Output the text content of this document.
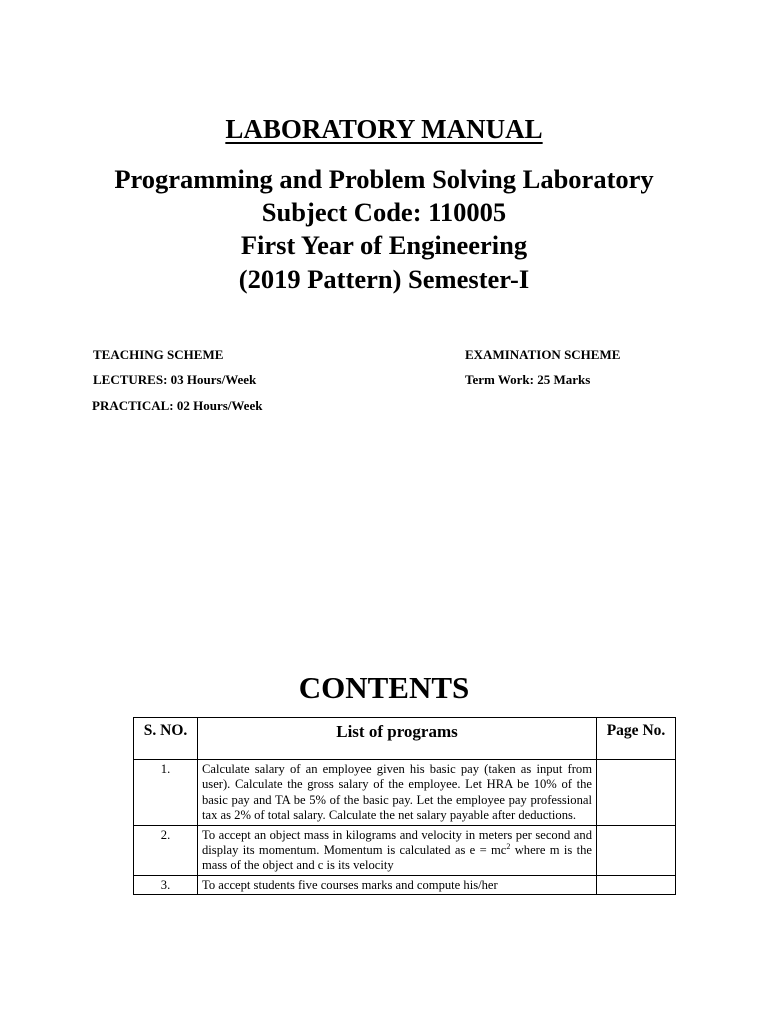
LABORATORY MANUAL
Programming and Problem Solving Laboratory
Subject Code: 110005
First Year of Engineering
(2019 Pattern) Semester-I
TEACHING SCHEME
LECTURES: 03 Hours/Week
PRACTICAL: 02 Hours/Week
EXAMINATION SCHEME
Term Work: 25 Marks
CONTENTS
S. NO.	List of programs	Page No.
1.	Calculate salary of an employee given his basic pay (taken as input from user). Calculate the gross salary of the employee. Let HRA be 10% of the basic pay and TA be 5% of the basic pay. Let the employee pay professional tax as 2% of total salary. Calculate the net salary payable after deductions.	
2.	To accept an object mass in kilograms and velocity in meters per second and display its momentum. Momentum is calculated as $e = mc^2$ where m is the mass of the object and c is its velocity	
3.	To accept students five courses marks and compute his/her	
